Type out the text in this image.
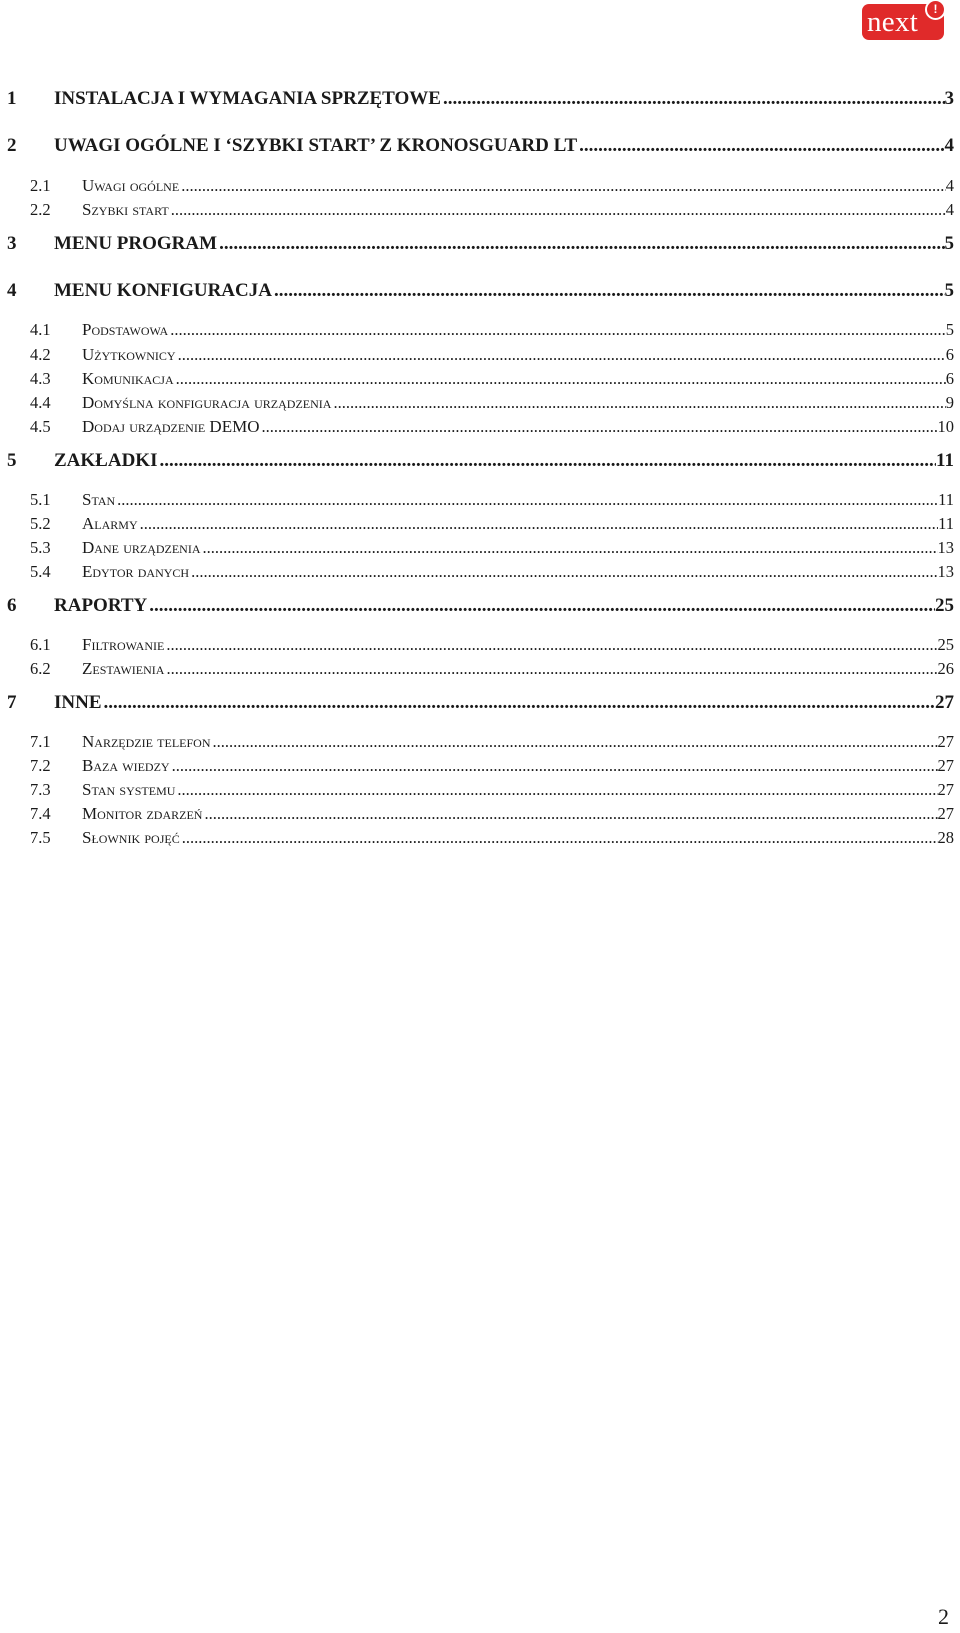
next	!
1	INSTALACJA I WYMAGANIA SPRZĘTOWE .....	3
2	UWAGI OGÓLNE I ‘SZYBKI START’ Z KRONOSGUARD LT .....	4
2.1	Uwagi ogólne .....	4
2.2	Szybki start .....	4
3	MENU PROGRAM .....	5
4	MENU KONFIGURACJA .....	5
4.1	Podstawowa .....	5
4.2	Użytkownicy .....	6
4.3	Komunikacja .....	6
4.4	Domyślna konfiguracja urządzenia .....	9
4.5	Dodaj urządzenie DEMO .....	10
5	ZAKŁADKI .....	11
5.1	Stan .....	11
5.2	Alarmy .....	11
5.3	Dane urządzenia .....	13
5.4	Edytor danych .....	13
6	RAPORTY .....	25
6.1	Filtrowanie .....	25
6.2	Zestawienia .....	26
7	INNE .....	27
7.1	Narzędzie telefon .....	27
7.2	Baza wiedzy .....	27
7.3	Stan systemu .....	27
7.4	Monitor zdarzeń .....	27
7.5	Słownik pojęć .....	28
2
